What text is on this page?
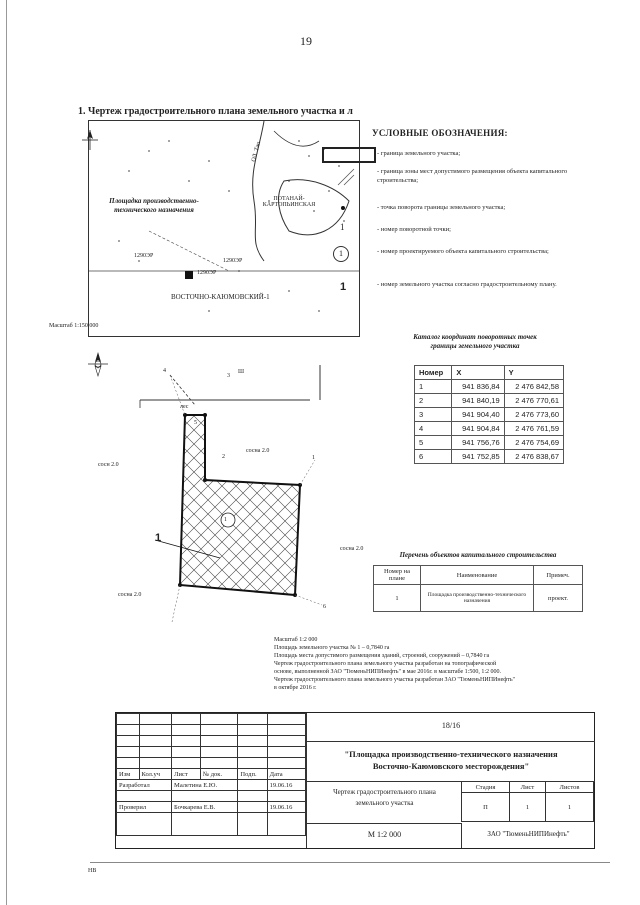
19
1. Чертеж градостроительного плана земельного участка и л
Площадка производственно-технического назначения
ПОТАНАЙ-КАРТОПЬИНСКАЯ
1290ЭР
1290ЭР
1290ЭР
ОЛ. Тап
ВОСТОЧНО-КАЮМОВСКИЙ-1
Масштаб 1:150 000
УСЛОВНЫЕ ОБОЗНАЧЕНИЯ:
- граница земельного участка;
- граница зоны мест допустимого размещения объекта капитального строительства;
- точка поворота границы земельного участка;
1	- номер поворотной точки;
1	- номер проектируемого объекта капитального строительства;
1	- номер земельного участка согласно градостроительному плану.
Каталог координат поворотных точек границы земельного участка
Номер	X	Y
1	941 836,84	2 476 842,58
2	941 840,19	2 476 770,61
3	941 904,40	2 476 773,60
4	941 904,84	2 476 761,59
5	941 756,76	2 476 754,69
6	941 752,85	2 476 838,67
4
3
Ш
лес
5
2	1
сосна 2.0
сосн 2.0
1
1
сосна 2.0
сосна 2.0
6
Перечень объектов капитального строительства
Номер на плане	Наименование	Примеч.
1	Площадка производственно-технического назначения	проект.
Масштаб 1:2 000
Площадь земельного участка № 1 – 0,7840 га
Площадь места допустимого размещения зданий, строений, сооружений – 0,7840 га
Чертеж градостроительного плана земельного участка разработан на топографической
основе, выполненной ЗАО "ТюменьНИПИнефть" в мае 2016г. в масштабе 1:500, 1:2 000.
Чертеж градостроительного плана земельного участка разработан ЗАО "ТюменьНИПИнефть"
в октябре 2016 г.

Изм	Кол.уч	Лист	№ док.	Подп.	Дата
Разработал		Малетина Е.Ю.			19.06.16

Проверил		Бочкарева Е.В.			19.06.16

18/16
"Площадка производственно-технического назначения
Восточно-Каюмовского месторождения"
Чертеж градостроительного плана
земельного участка
Стадия	Лист	Листов
П	1	1
М 1:2 000	ЗАО "ТюменьНИПИнефть"
НВ
